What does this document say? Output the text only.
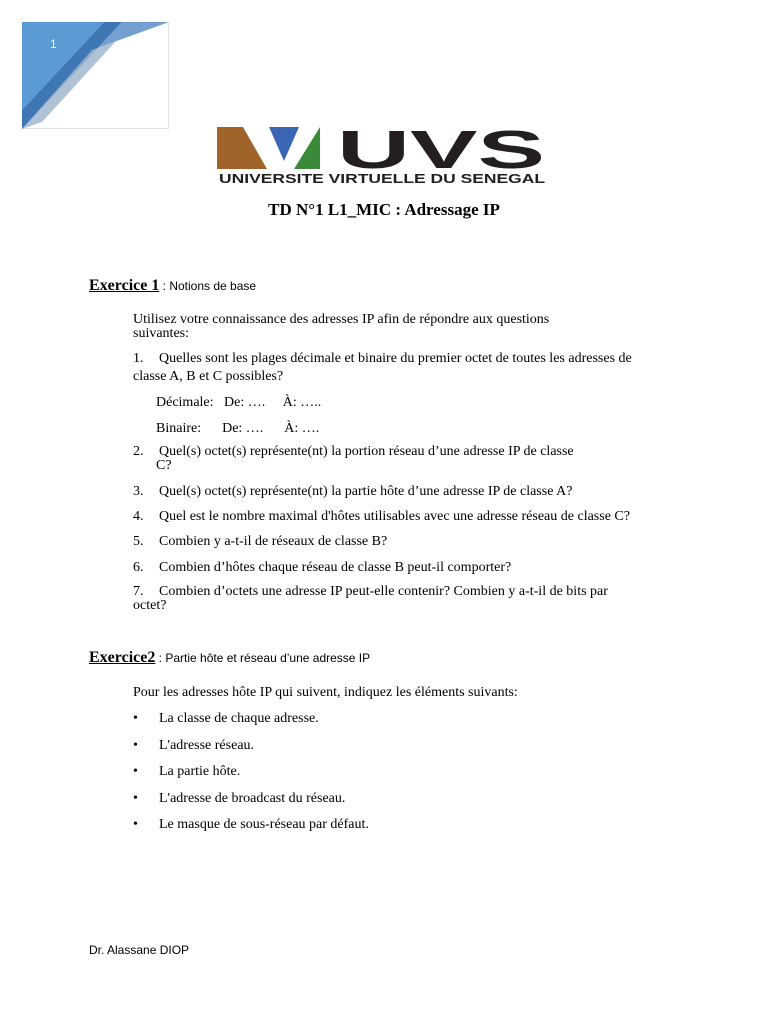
1
UVS
UNIVERSITE VIRTUELLE DU SENEGAL
TD N°1 L1_MIC : Adressage IP
Exercice 1 : Notions de base
Utilisez votre connaissance des adresses IP afin de répondre aux questions
suivantes:
1. Quelles sont les plages décimale et binaire du premier octet de toutes les adresses de
classe A, B et C possibles?
Décimale:   De: ….     À: …..
Binaire:      De: ….      À: ….
2. Quel(s) octet(s) représente(nt) la portion réseau d’une adresse IP de classe
C?
3. Quel(s) octet(s) représente(nt) la partie hôte d’une adresse IP de classe A?
4. Quel est le nombre maximal d'hôtes utilisables avec une adresse réseau de classe C?
5. Combien y a-t-il de réseaux de classe B?
6. Combien d’hôtes chaque réseau de classe B peut-il comporter?
7. Combien d’octets une adresse IP peut-elle contenir? Combien y a-t-il de bits par
octet?
Exercice2 : Partie hôte et réseau d’une adresse IP
Pour les adresses hôte IP qui suivent, indiquez les éléments suivants:
• La classe de chaque adresse.
• L'adresse réseau.
• La partie hôte.
• L'adresse de broadcast du réseau.
• Le masque de sous-réseau par défaut.
Dr. Alassane DIOP
